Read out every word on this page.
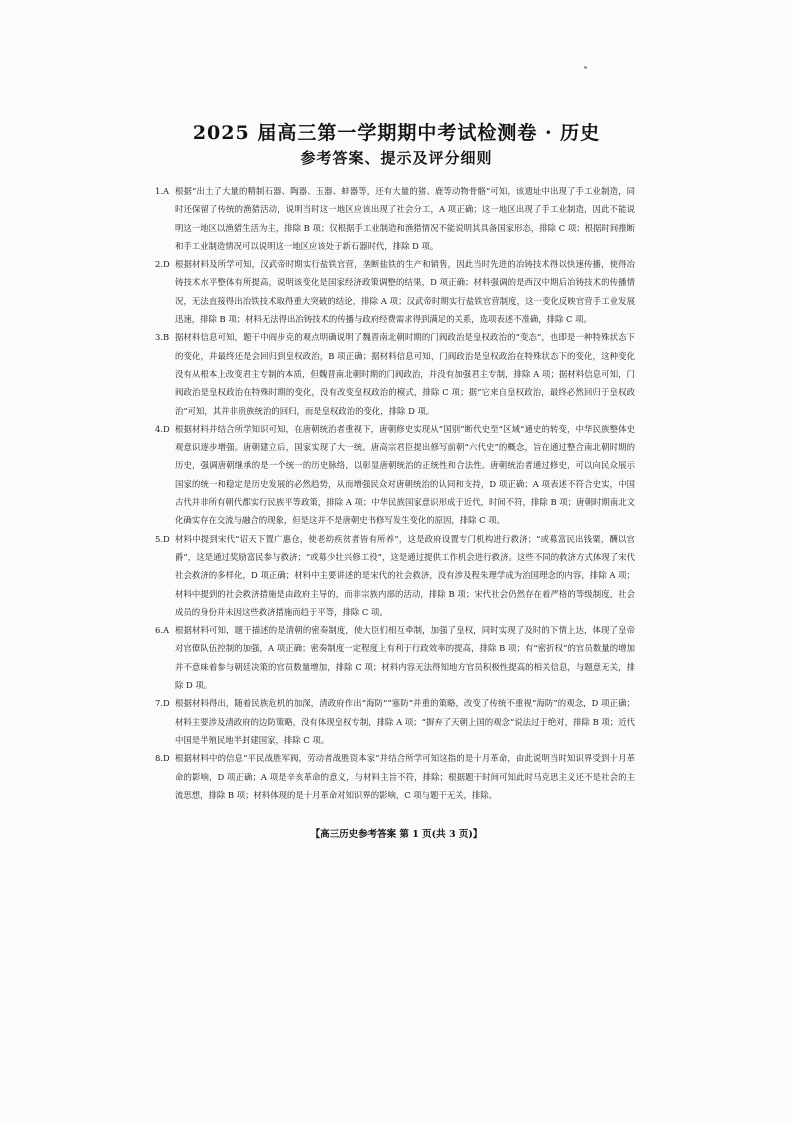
2025 届高三第一学期期中考试检测卷 · 历史
参考答案、提示及评分细则
1.A 根据“出土了大量的精制石器、陶器、玉器、蚌器等，还有大量的猪、鹿等动物骨骼”可知，该遗址中出现了手工业制造，同时还保留了传统的渔猎活动，说明当时这一地区应该出现了社会分工，A 项正确；这一地区出现了手工业制造，因此不能说明这一地区以渔猎生活为主，排除 B 项；仅根据手工业制造和渔猎情况不能说明其具备国家形态，排除 C 项；根据时间推断和手工业制造情况可以说明这一地区应该处于新石器时代，排除 D 项。
2.D 根据材料及所学可知，汉武帝时期实行盐铁官营，垄断盐铁的生产和销售，因此当时先进的冶铸技术得以快速传播，使得冶铸技术水平整体有所提高，说明该变化是国家经济政策调整的结果，D 项正确；材料强调的是西汉中期后冶铸技术的传播情况，无法直接得出冶铁技术取得重大突破的结论，排除 A 项；汉武帝时期实行盐铁官营制度，这一变化反映官营手工业发展迅速，排除 B 项；材料无法得出冶铸技术的传播与政府经费需求得到满足的关系，选项表述不准确，排除 C 项。
3.B 据材料信息可知，题干中阎步克的观点明确说明了魏晋南北朝时期的门阀政治是皇权政治的“变态”，也即是一种特殊状态下的变化，并最终还是会回归到皇权政治，B 项正确；据材料信息可知，门阀政治是皇权政治在特殊状态下的变化，这种变化没有从根本上改变君主专制的本质，但魏晋南北朝时期的门阀政治，并没有加强君主专制，排除 A 项；据材料信息可知，门阀政治是皇权政治在特殊时期的变化，没有改变皇权政治的模式，排除 C 项；据“它来自皇权政治，最终必然回归于皇权政治”可知，其并非贵族统治的回归，而是皇权政治的变化，排除 D 项。
4.D 根据材料并结合所学知识可知，在唐朝统治者重视下，唐朝修史实现从“国别”断代史至“区域”通史的转变，中华民族整体史观意识逐步增强。唐朝建立后，国家实现了大一统。唐高宗君臣提出修写前朝“六代史”的概念，旨在通过整合南北朝时期的历史，强调唐朝继承的是一个统一的历史脉络，以彰显唐朝统治的正统性和合法性。唐朝统治者通过修史，可以向民众展示国家的统一和稳定是历史发展的必然趋势，从而增强民众对唐朝统治的认同和支持，D 项正确；A 项表述不符合史实，中国古代并非所有朝代都实行民族平等政策，排除 A 项；中华民族国家意识形成于近代，时间不符，排除 B 项；唐朝时期南北文化确实存在交流与融合的现象，但是这并不是唐朝史书修写发生变化的原因，排除 C 项。
5.D 材料中提到宋代“诏天下置广惠仓，使老幼疾贫者皆有所养”，这是政府设置专门机构进行救济；“或募富民出钱粟，酬以官爵”，这是通过奖励富民参与救济；“或募少壮兴修工役”，这是通过提供工作机会进行救济。这些不同的救济方式体现了宋代社会救济的多样化，D 项正确；材料中主要讲述的是宋代的社会救济，没有涉及程朱理学成为治国理念的内容，排除 A 项；材料中提到的社会救济措施是由政府主导的，而非宗族内部的活动，排除 B 项；宋代社会仍然存在着严格的等级制度，社会成员的身份并未因这些救济措施而趋于平等，排除 C 项。
6.A 根据材料可知，题干描述的是清朝的密奏制度，使大臣们相互牵制，加强了皇权，同时实现了及时的下情上达，体现了皇帝对官僚队伍控制的加强，A 项正确；密奏制度一定程度上有利于行政效率的提高，排除 B 项；有“密折权”的官员数量的增加并不意味着参与朝廷决策的官员数量增加，排除 C 项；材料内容无法得知地方官员积极性提高的相关信息，与题意无关，排除 D 项。
7.D 根据材料得出，随着民族危机的加深，清政府作出“海防”“塞防”并重的策略，改变了传统不重视“海防”的观念，D 项正确；材料主要涉及清政府的边防策略，没有体现皇权专制，排除 A 项；“摒弃了天朝上国的观念”说法过于绝对，排除 B 项；近代中国是半殖民地半封建国家，排除 C 项。
8.D 根据材料中的信息“平民战胜军阀，劳动者战胜资本家”并结合所学可知这指的是十月革命，由此说明当时知识界受到十月革命的影响，D 项正确；A 项是辛亥革命的意义，与材料主旨不符，排除；根据题干时间可知此时马克思主义还不是社会的主流思想，排除 B 项；材料体现的是十月革命对知识界的影响，C 项与题干无关，排除。
【高三历史参考答案 第 1 页(共 3 页)】
